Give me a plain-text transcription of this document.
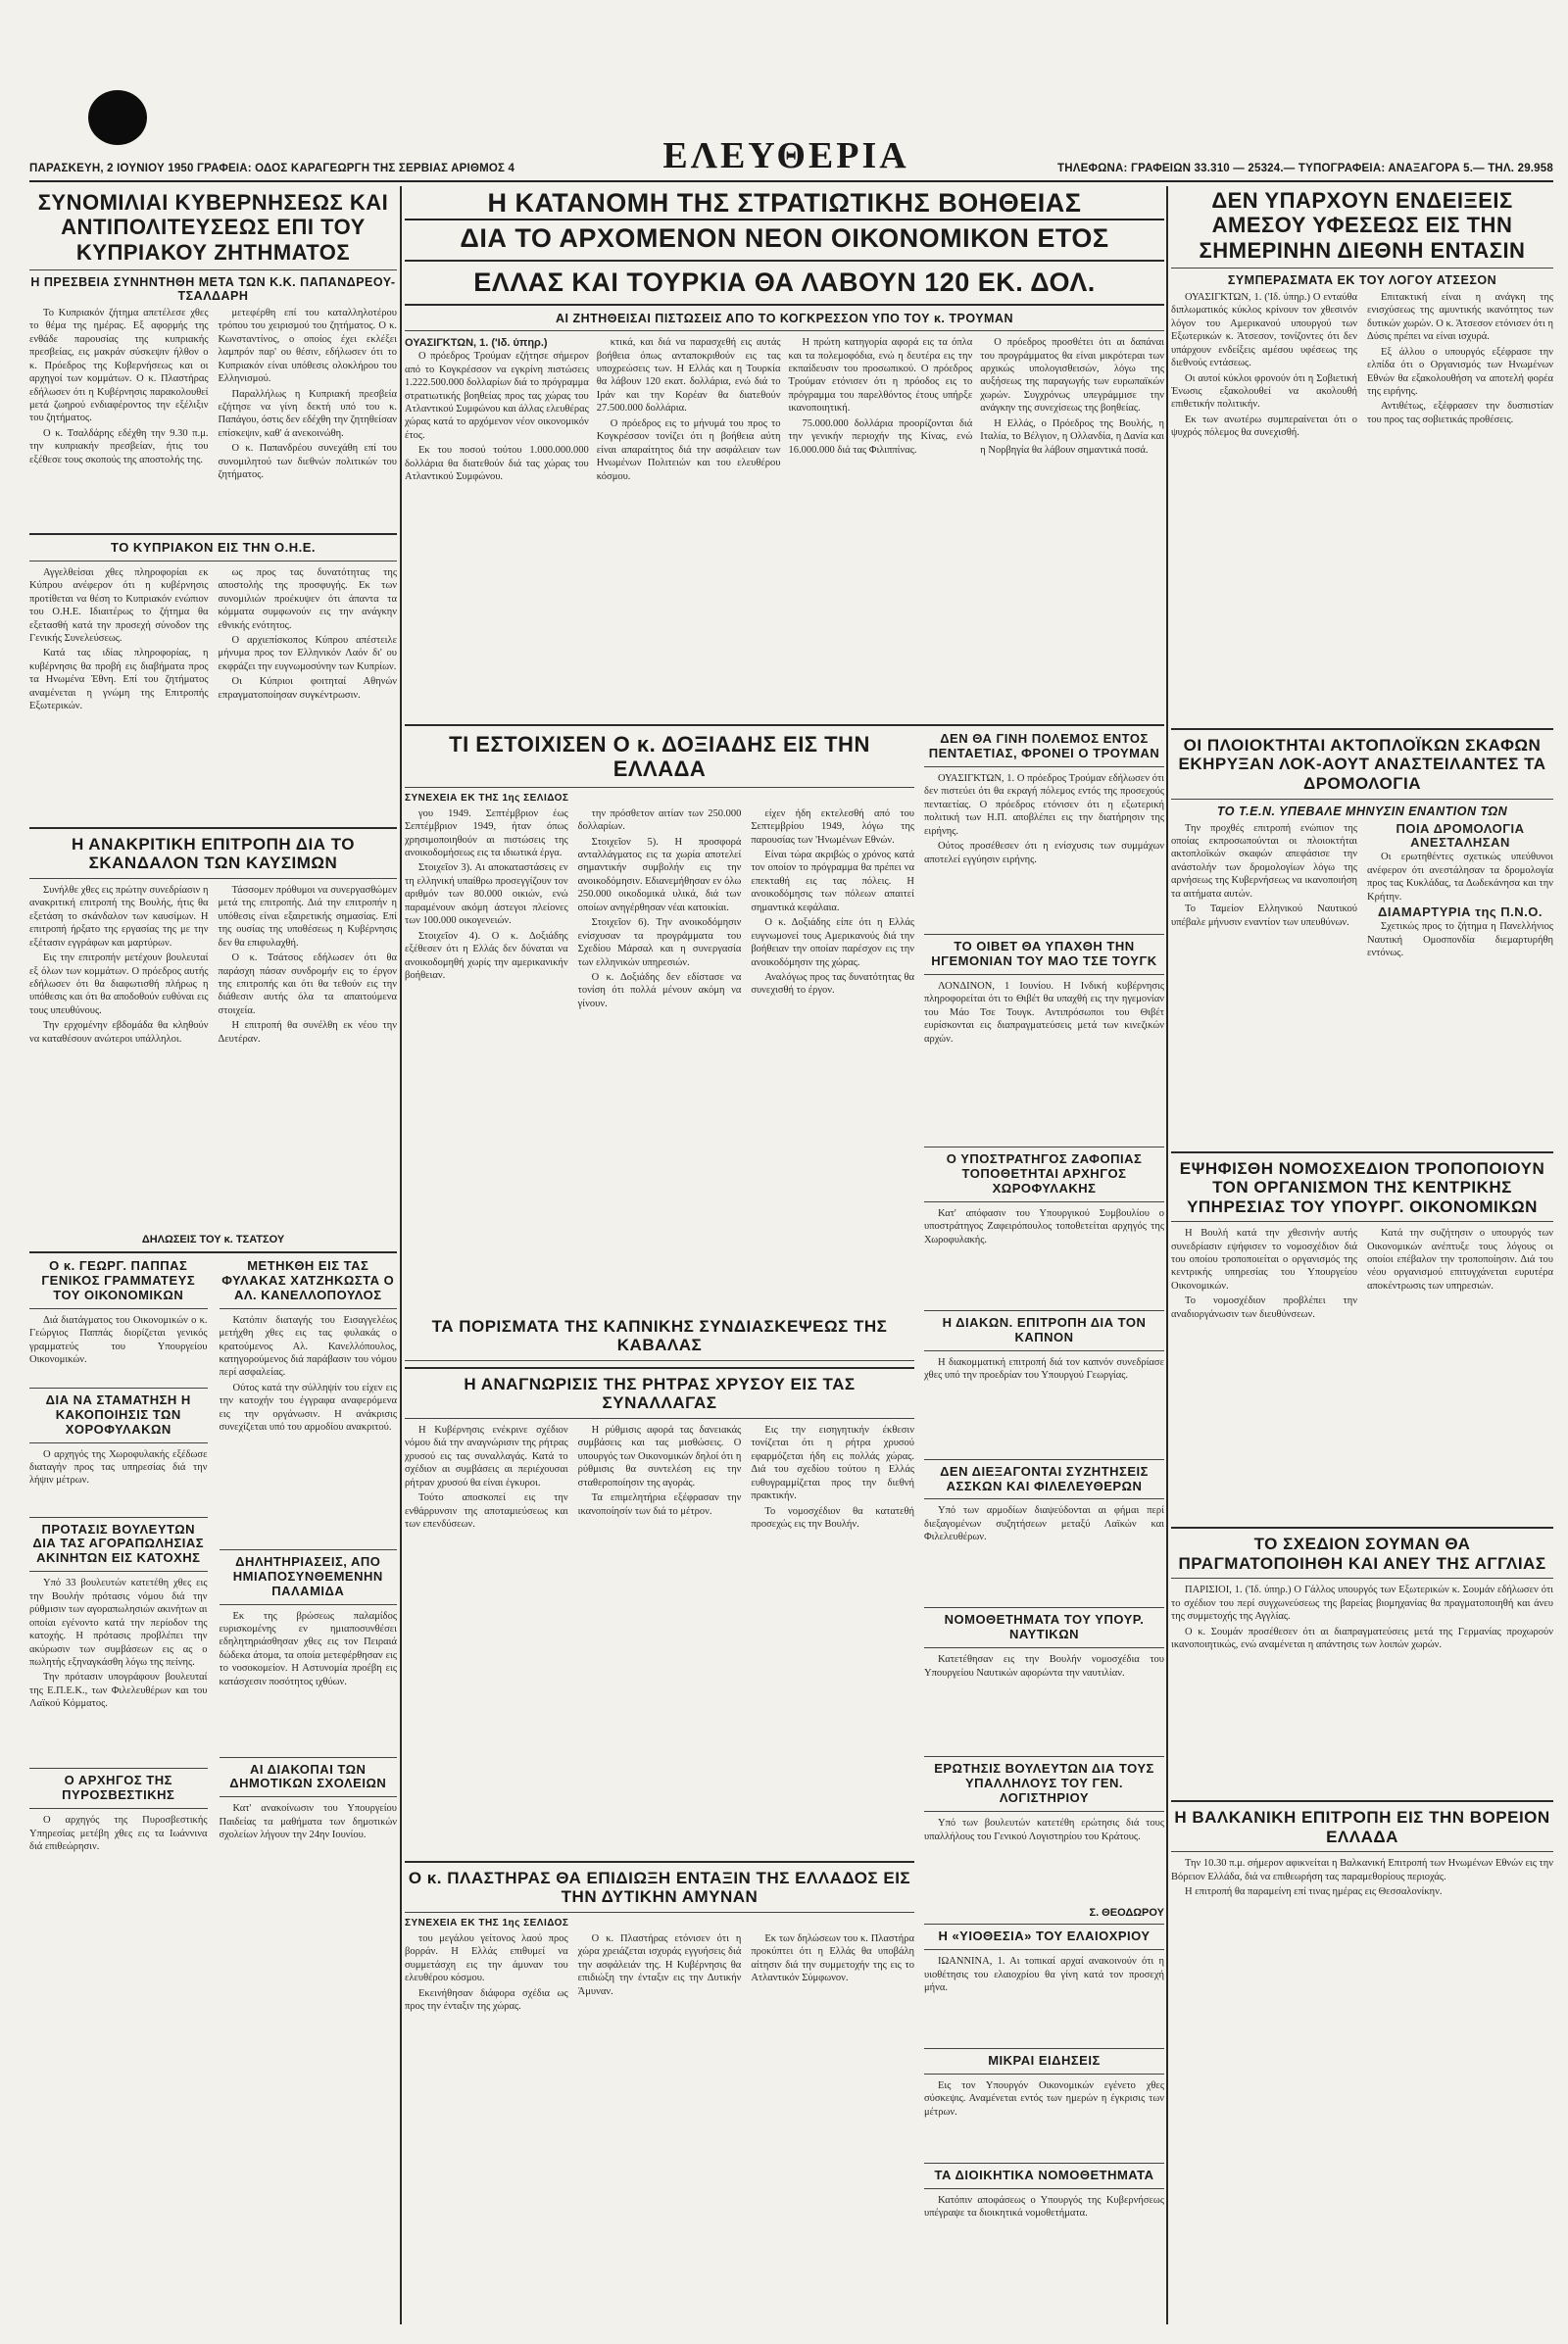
ΠΑΡΑΣΚΕΥΗ, 2 ΙΟΥΝΙΟΥ 1950 ΓΡΑΦΕΙΑ: ΟΔΟΣ ΚΑΡΑΓΕΩΡΓΗ ΤΗΣ ΣΕΡΒΙΑΣ ΑΡΙΘΜΟΣ 4	ΕΛΕΥΘΕΡΙΑ	ΤΗΛΕΦΩΝΑ: ΓΡΑΦΕΙΩΝ 33.310 — 25324.— ΤΥΠΟΓΡΑΦΕΙΑ: ΑΝΑΞΑΓΟΡΑ 5.— ΤΗΛ. 29.958
ΣΥΝΟΜΙΛΙΑΙ ΚΥΒΕΡΝΗΣΕΩΣ ΚΑΙ ΑΝΤΙΠΟΛΙΤΕΥΣΕΩΣ ΕΠΙ ΤΟΥ ΚΥΠΡΙΑΚΟΥ ΖΗΤΗΜΑΤΟΣ
Η ΠΡΕΣΒΕΙΑ ΣΥΝΗΝΤΗΘΗ ΜΕΤΑ ΤΩΝ Κ.Κ. ΠΑΠΑΝΔΡΕΟΥ-ΤΣΑΛΔΑΡΗ

Το Κυπριακόν ζήτημα απετέλεσε χθες το θέμα της ημέρας. Εξ αφορμής της ενθάδε παρουσίας της κυπριακής πρεσβείας, εις μακράν σύσκεψιν ήλθον ο κ. Πρόεδρος της Κυβερνήσεως και οι αρχηγοί των κομμάτων. Ο κ. Πλαστήρας εδήλωσεν ότι η Κυβέρνησις παρακολουθεί μετά ζωηρού ενδιαφέροντος την εξέλιξιν του ζητήματος.

Ο κ. Τσαλδάρης εδέχθη την 9.30 π.μ. την κυπριακήν πρεσβείαν, ήτις του εξέθεσε τους σκοπούς της αποστολής της.

μετεφέρθη επί του καταλληλοτέρου τρόπου του χειρισμού του ζητήματος. Ο κ. Κωνσταντίνος, ο οποίος έχει εκλέξει λαμπρόν παρ' ου θέσιν, εδήλωσεν ότι το Κυπριακόν είναι υπόθεσις ολοκλήρου του Ελληνισμού.

Παραλλήλως η Κυπριακή πρεσβεία εζήτησε να γίνη δεκτή υπό του κ. Παπάγου, όστις δεν εδέχθη την ζητηθείσαν επίσκεψιν, καθ' ά ανεκοινώθη.

Ο κ. Παπανδρέου συνεχάθη επί του συνομιλητού των διεθνών πολιτικών του ζητήματος.

ΤΟ ΚΥΠΡΙΑΚΟΝ ΕΙΣ ΤΗΝ Ο.Η.Ε.

Αγγελθείσαι χθες πληροφορίαι εκ Κύπρου ανέφερον ότι η κυβέρνησις προτίθεται να θέση το Κυπριακόν ενώπιον του Ο.Η.Ε. Ιδιαιτέρως το ζήτημα θα εξετασθή κατά την προσεχή σύνοδον της Γενικής Συνελεύσεως.

Κατά τας ιδίας πληροφορίας, η κυβέρνησις θα προβή εις διαβήματα προς τα Ηνωμένα Έθνη. Επί του ζητήματος αναμένεται η γνώμη της Επιτροπής Εξωτερικών.

ως προς τας δυνατότητας της αποστολής της προσφυγής. Εκ των συνομιλιών προέκυψεν ότι άπαντα τα κόμματα συμφωνούν εις την ανάγκην εθνικής ενότητος.

Ο αρχιεπίσκοπος Κύπρου απέστειλε μήνυμα προς τον Ελληνικόν Λαόν δι' ου εκφράζει την ευγνωμοσύνην των Κυπρίων.

Οι Κύπριοι φοιτηταί Αθηνών επραγματοποίησαν συγκέντρωσιν.

Η ΑΝΑΚΡΙΤΙΚΗ ΕΠΙΤΡΟΠΗ ΔΙΑ ΤΟ ΣΚΑΝΔΑΛΟΝ ΤΩΝ ΚΑΥΣΙΜΩΝ

Συνήλθε χθες εις πρώτην συνεδρίασιν η ανακριτική επιτροπή της Βουλής, ήτις θα εξετάση το σκάνδαλον των καυσίμων. Η επιτροπή ήρξατο της εργασίας της με την εξέτασιν εγγράφων και μαρτύρων.

Εις την επιτροπήν μετέχουν βουλευταί εξ όλων των κομμάτων. Ο πρόεδρος αυτής εδήλωσεν ότι θα διαφωτισθή πλήρως η υπόθεσις και ότι θα αποδοθούν ευθύναι εις τους υπευθύνους.

Την ερχομένην εβδομάδα θα κληθούν να καταθέσουν ανώτεροι υπάλληλοι.

Τάσσομεν πρόθυμοι να συνεργασθώμεν μετά της επιτροπής. Διά την επιτροπήν η υπόθεσις είναι εξαιρετικής σημασίας. Επί της ουσίας της υποθέσεως η Κυβέρνησις δεν θα επιφυλαχθή.

Ο κ. Τσάτσος εδήλωσεν ότι θα παράσχη πάσαν συνδρομήν εις το έργον της επιτροπής και ότι θα τεθούν εις την διάθεσιν αυτής όλα τα απαιτούμενα στοιχεία.

Η επιτροπή θα συνέλθη εκ νέου την Δευτέραν.

ΔΗΛΩΣΕΙΣ ΤΟΥ κ. ΤΣΑΤΣΟΥ
Ο κ. ΓΕΩΡΓ. ΠΑΠΠΑΣ ΓΕΝΙΚΟΣ ΓΡΑΜΜΑΤΕΥΣ ΤΟΥ ΟΙΚΟΝΟΜΙΚΩΝ

Διά διατάγματος του Οικονομικών ο κ. Γεώργιος Παππάς διορίζεται γενικός γραμματεύς του Υπουργείου Οικονομικών.

ΔΙΑ ΝΑ ΣΤΑΜΑΤΗΣΗ Η ΚΑΚΟΠΟΙΗΣΙΣ ΤΩΝ ΧΟΡΟΦΥΛΑΚΩΝ

Ο αρχηγός της Χωροφυλακής εξέδωσε διαταγήν προς τας υπηρεσίας διά την λήψιν μέτρων.

ΠΡΟΤΑΣΙΣ ΒΟΥΛΕΥΤΩΝ ΔΙΑ ΤΑΣ ΑΓΟΡΑΠΩΛΗΣΙΑΣ ΑΚΙΝΗΤΩΝ ΕΙΣ ΚΑΤΟΧΗΣ

Υπό 33 βουλευτών κατετέθη χθες εις την Βουλήν πρότασις νόμου διά την ρύθμισιν των αγοραπωλησιών ακινήτων αι οποίαι εγένοντο κατά την περίοδον της κατοχής. Η πρότασις προβλέπει την ακύρωσιν των συμβάσεων εις ας ο πωλητής εξηναγκάσθη λόγω της πείνης.

Την πρότασιν υπογράφουν βουλευταί της Ε.Π.Ε.Κ., των Φιλελευθέρων και του Λαϊκού Κόμματος.

Ο ΑΡΧΗΓΟΣ ΤΗΣ ΠΥΡΟΣΒΕΣΤΙΚΗΣ

Ο αρχηγός της Πυροσβεστικής Υπηρεσίας μετέβη χθες εις τα Ιωάννινα διά επιθεώρησιν.

ΜΕΤΗΚΘΗ ΕΙΣ ΤΑΣ ΦΥΛΑΚΑΣ ΧΑΤΖΗΚΩΣΤΑ Ο ΑΛ. ΚΑΝΕΛΛΟΠΟΥΛΟΣ

Κατόπιν διαταγής του Εισαγγελέως μετήχθη χθες εις τας φυλακάς ο κρατούμενος Αλ. Κανελλόπουλος, κατηγορούμενος διά παράβασιν του νόμου περί ασφαλείας.

Ούτος κατά την σύλληψίν του είχεν εις την κατοχήν του έγγραφα αναφερόμενα εις την οργάνωσιν. Η ανάκρισις συνεχίζεται υπό του αρμοδίου ανακριτού.

ΔΗΛΗΤΗΡΙΑΣΕΙΣ, ΑΠΟ ΗΜΙΑΠΟΣΥΝΘΕΜΕΝΗΝ ΠΑΛΑΜΙΔΑ

Εκ της βρώσεως παλαμίδος ευρισκομένης εν ημιαποσυνθέσει εδηλητηριάσθησαν χθες εις τον Πειραιά δώδεκα άτομα, τα οποία μετεφέρθησαν εις το νοσοκομείον. Η Αστυνομία προέβη εις κατάσχεσιν ποσότητος ιχθύων.

ΑΙ ΔΙΑΚΟΠΑΙ ΤΩΝ ΔΗΜΟΤΙΚΩΝ ΣΧΟΛΕΙΩΝ

Κατ' ανακοίνωσιν του Υπουργείου Παιδείας τα μαθήματα των δημοτικών σχολείων λήγουν την 24ην Ιουνίου.

Η ΚΑΤΑΝΟΜΗ ΤΗΣ ΣΤΡΑΤΙΩΤΙΚΗΣ ΒΟΗΘΕΙΑΣ
ΔΙΑ ΤΟ ΑΡΧΟΜΕΝΟΝ ΝΕΟΝ ΟΙΚΟΝΟΜΙΚΟΝ ΕΤΟΣ
ΕΛΛΑΣ ΚΑΙ ΤΟΥΡΚΙΑ ΘΑ ΛΑΒΟΥΝ 120 ΕΚ. ΔΟΛ.
ΑΙ ΖΗΤΗΘΕΙΣΑΙ ΠΙΣΤΩΣΕΙΣ ΑΠΟ ΤΟ ΚΟΓΚΡΕΣΣΟΝ ΥΠΟ ΤΟΥ κ. ΤΡΟΥΜΑΝ
ΟΥΑΣΙΓΚΤΩΝ, 1. ('Ιδ. ύπηρ.)

Ο πρόεδρος Τρούμαν εζήτησε σήμερον από το Κογκρέσσον να εγκρίνη πιστώσεις 1.222.500.000 δολλαρίων διά το πρόγραμμα στρατιωτικής βοηθείας προς τας χώρας του Ατλαντικού Συμφώνου και άλλας ελευθέρας χώρας κατά το αρχόμενον νέον οικονομικόν έτος.

Εκ του ποσού τούτου 1.000.000.000 δολλάρια θα διατεθούν διά τας χώρας του Ατλαντικού Συμφώνου.

κτικά, και διά να παρασχεθή εις αυτάς βοήθεια όπως ανταποκριθούν εις τας υποχρεώσεις των. Η Ελλάς και η Τουρκία θα λάβουν 120 εκατ. δολλάρια, ενώ διά το Ιράν και την Κορέαν θα διατεθούν 27.500.000 δολλάρια.

Ο πρόεδρος εις το μήνυμά του προς το Κογκρέσσον τονίζει ότι η βοήθεια αύτη είναι απαραίτητος διά την ασφάλειαν των Ηνωμένων Πολιτειών και του ελευθέρου κόσμου.

Η πρώτη κατηγορία αφορά εις τα όπλα και τα πολεμοφόδια, ενώ η δευτέρα εις την εκπαίδευσιν του προσωπικού. Ο πρόεδρος Τρούμαν ετόνισεν ότι η πρόοδος εις το πρόγραμμα του παρελθόντος έτους υπήρξε ικανοποιητική.

75.000.000 δολλάρια προορίζονται διά την γενικήν περιοχήν της Κίνας, ενώ 16.000.000 διά τας Φιλιππίνας.

Ο πρόεδρος προσθέτει ότι αι δαπάναι του προγράμματος θα είναι μικρότεραι των αρχικώς υπολογισθεισών, λόγω της αυξήσεως της παραγωγής των ευρωπαϊκών χωρών. Συγχρόνως υπεγράμμισε την ανάγκην της συνεχίσεως της βοηθείας.

Η Ελλάς, ο Πρόεδρος της Βουλής, η Ιταλία, το Βέλγιον, η Ολλανδία, η Δανία και η Νορβηγία θα λάβουν σημαντικά ποσά.

ΤΙ ΕΣΤΟΙΧΙΣΕΝ Ο κ. ΔΟΞΙΑΔΗΣ ΕΙΣ ΤΗΝ ΕΛΛΑΔΑ
ΣΥΝΕΧΕΙΑ ΕΚ ΤΗΣ 1ης ΣΕΛΙΔΟΣ

γου 1949. Σεπτέμβριον έως Σεπτέμβριον 1949, ήταν όπως χρησιμοποιηθούν αι πιστώσεις της ανοικοδομήσεως εις τα ιδιωτικά έργα.

Στοιχεῖον 3). Αι αποκαταστάσεις εν τη ελληνική υπαίθρω προσεγγίζουν τον αριθμόν των 80.000 οικιών, ενώ παραμένουν ακόμη άστεγοι πλείονες των 100.000 οικογενειών.

Στοιχεῖον 4). Ο κ. Δοξιάδης εξέθεσεν ότι η Ελλάς δεν δύναται να ανοικοδομηθή χωρίς την αμερικανικήν βοήθειαν.

την πρόσθετον αιτίαν των 250.000 δολλαρίων.

Στοιχεῖον 5). Η προσφορά ανταλλάγματος εις τα χωρία αποτελεί σημαντικήν συμβολήν εις την ανοικοδόμησιν. Εδιανεμήθησαν εν όλω 250.000 οικοδομικά υλικά, διά των οποίων ανηγέρθησαν νέαι κατοικίαι.

Στοιχεῖον 6). Την ανοικοδόμησιν ενίσχυσαν τα προγράμματα του Σχεδίου Μάρσαλ και η συνεργασία των ελληνικών υπηρεσιών.

Ο κ. Δοξιάδης δεν εδίστασε να τονίση ότι πολλά μένουν ακόμη να γίνουν.

είχεν ήδη εκτελεσθή από του Σεπτεμβρίου 1949, λόγω της παρουσίας των 'Ηνωμένων Εθνών.

Είναι τώρα ακριβώς ο χρόνος κατά τον οποίον το πρόγραμμα θα πρέπει να επεκταθή εις τας πόλεις. Η ανοικοδόμησις των πόλεων απαιτεί σημαντικά κεφάλαια.

Ο κ. Δοξιάδης είπε ότι η Ελλάς ευγνωμονεί τους Αμερικανούς διά την βοήθειαν την οποίαν παρέσχον εις την ανοικοδόμησιν της χώρας.

Αναλόγως προς τας δυνατότητας θα συνεχισθή το έργον.

ΤΑ ΠΟΡΙΣΜΑΤΑ ΤΗΣ ΚΑΠΝΙΚΗΣ ΣΥΝΔΙΑΣΚΕΨΕΩΣ ΤΗΣ ΚΑΒΑΛΑΣ
Η ΑΝΑΓΝΩΡΙΣΙΣ ΤΗΣ ΡΗΤΡΑΣ ΧΡΥΣΟΥ ΕΙΣ ΤΑΣ ΣΥΝΑΛΛΑΓΑΣ

Η Κυβέρνησις ενέκρινε σχέδιον νόμου διά την αναγνώρισιν της ρήτρας χρυσού εις τας συναλλαγάς. Κατά το σχέδιον αι συμβάσεις αι περιέχουσαι ρήτραν χρυσού θα είναι έγκυροι.

Τούτο αποσκοπεί εις την ενθάρρυνσιν της αποταμιεύσεως και των επενδύσεων.

Η ρύθμισις αφορά τας δανειακάς συμβάσεις και τας μισθώσεις. Ο υπουργός των Οικονομικών δηλοί ότι η ρύθμισις θα συντελέση εις την σταθεροποίησιν της αγοράς.

Τα επιμελητήρια εξέφρασαν την ικανοποίησίν των διά το μέτρον.

Εις την εισηγητικήν έκθεσιν τονίζεται ότι η ρήτρα χρυσού εφαρμόζεται ήδη εις πολλάς χώρας. Διά του σχεδίου τούτου η Ελλάς ευθυγραμμίζεται προς την διεθνή πρακτικήν.

Το νομοσχέδιον θα κατατεθή προσεχώς εις την Βουλήν.

Ο κ. ΠΛΑΣΤΗΡΑΣ ΘΑ ΕΠΙΔΙΩΞΗ ΕΝΤΑΞΙΝ ΤΗΣ ΕΛΛΑΔΟΣ ΕΙΣ ΤΗΝ ΔΥΤΙΚΗΝ ΑΜΥΝΑΝ
ΣΥΝΕΧΕΙΑ ΕΚ ΤΗΣ 1ης ΣΕΛΙΔΟΣ

του μεγάλου γείτονος λαού προς βορράν. Η Ελλάς επιθυμεί να συμμετάσχη εις την άμυναν του ελευθέρου κόσμου.

Εκεινήθησαν διάφορα σχέδια ως προς την ένταξιν της χώρας.

Ο κ. Πλαστήρας ετόνισεν ότι η χώρα χρειάζεται ισχυράς εγγυήσεις διά την ασφάλειάν της. Η Κυβέρνησις θα επιδιώξη την ένταξιν εις την Δυτικήν Άμυναν.

Εκ των δηλώσεων του κ. Πλαστήρα προκύπτει ότι η Ελλάς θα υποβάλη αίτησιν διά την συμμετοχήν της εις το Ατλαντικόν Σύμφωνον.

ΔΕΝ ΘΑ ΓΙΝΗ ΠΟΛΕΜΟΣ ΕΝΤΟΣ ΠΕΝΤΑΕΤΙΑΣ, ΦΡΟΝΕΙ Ο ΤΡΟΥΜΑΝ

ΟΥΑΣΙΓΚΤΩΝ, 1. Ο πρόεδρος Τρούμαν εδήλωσεν ότι δεν πιστεύει ότι θα εκραγή πόλεμος εντός της προσεχούς πενταετίας. Ο πρόεδρος ετόνισεν ότι η εξωτερική πολιτική των Η.Π. αποβλέπει εις την διατήρησιν της ειρήνης.

Ούτος προσέθεσεν ότι η ενίσχυσις των συμμάχων αποτελεί εγγύησιν ειρήνης.

ΤΟ ΟΙΒΕΤ ΘΑ ΥΠΑΧΘΗ ΤΗΝ ΗΓΕΜΟΝΙΑΝ ΤΟΥ ΜΑΟ ΤΣΕ ΤΟΥΓΚ

ΛΟΝΔΙΝΟΝ, 1 Ιουνίου. Η Ινδική κυβέρνησις πληροφορείται ότι το Θιβέτ θα υπαχθή εις την ηγεμονίαν του Μάο Τσε Τουγκ. Αντιπρόσωποι του Θιβέτ ευρίσκονται εις διαπραγματεύσεις μετά των κινεζικών αρχών.

Ο ΥΠΟΣΤΡΑΤΗΓΟΣ ΖΑΦΟΠΙΑΣ ΤΟΠΟΘΕΤΗΤΑΙ ΑΡΧΗΓΟΣ ΧΩΡΟΦΥΛΑΚΗΣ

Κατ' απόφασιν του Υπουργικού Συμβουλίου ο υποστράτηγος Ζαφειρόπουλος τοποθετείται αρχηγός της Χωροφυλακής.

Η ΔΙΑΚΩΝ. ΕΠΙΤΡΟΠΗ ΔΙΑ ΤΟΝ ΚΑΠΝΟΝ

Η διακομματική επιτροπή διά τον καπνόν συνεδρίασε χθες υπό την προεδρίαν του Υπουργού Γεωργίας.

ΔΕΝ ΔΙΕΞΑΓΟΝΤΑΙ ΣΥΖΗΤΗΣΕΙΣ ΑΣΣΚΩΝ ΚΑΙ ΦΙΛΕΛΕΥΘΕΡΩΝ

Υπό των αρμοδίων διαψεύδονται αι φήμαι περί διεξαγομένων συζητήσεων μεταξύ Λαϊκών και Φιλελευθέρων.

ΝΟΜΟΘΕΤΗΜΑΤΑ ΤΟΥ ΥΠΟΥΡ. ΝΑΥΤΙΚΩΝ

Κατετέθησαν εις την Βουλήν νομοσχέδια του Υπουργείου Ναυτικών αφορώντα την ναυτιλίαν.

ΕΡΩΤΗΣΙΣ ΒΟΥΛΕΥΤΩΝ ΔΙΑ ΤΟΥΣ ΥΠΑΛΛΗΛΟΥΣ ΤΟΥ ΓΕΝ. ΛΟΓΙΣΤΗΡΙΟΥ

Υπό των βουλευτών κατετέθη ερώτησις διά τους υπαλλήλους του Γενικού Λογιστηρίου του Κράτους.

Σ. ΘΕΟΔΩΡΟΥ
Η «ΥΙΟΘΕΣΙΑ» ΤΟΥ ΕΛΑΙΟΧΡΙΟΥ

ΙΩΑΝΝΙΝΑ, 1. Αι τοπικαί αρχαί ανακοινούν ότι η υιοθέτησις του ελαιοχρίου θα γίνη κατά τον προσεχή μήνα.

ΜΙΚΡΑΙ ΕΙΔΗΣΕΙΣ

Εις τον Υπουργόν Οικονομικών εγένετο χθες σύσκεψις. Αναμένεται εντός των ημερών η έγκρισις των μέτρων.

ΤΑ ΔΙΟΙΚΗΤΙΚΑ ΝΟΜΟΘΕΤΗΜΑΤΑ

Κατόπιν αποφάσεως ο Υπουργός της Κυβερνήσεως υπέγραψε τα διοικητικά νομοθετήματα.

ΔΕΝ ΥΠΑΡΧΟΥΝ ΕΝΔΕΙΞΕΙΣ ΑΜΕΣΟΥ ΥΦΕΣΕΩΣ ΕΙΣ ΤΗΝ ΣΗΜΕΡΙΝΗΝ ΔΙΕΘΝΗ ΕΝΤΑΣΙΝ
ΣΥΜΠΕΡΑΣΜΑΤΑ ΕΚ ΤΟΥ ΛΟΓΟΥ ΑΤΣΕΣΟΝ

ΟΥΑΣΙΓΚΤΩΝ, 1. ('Ιδ. ύπηρ.) Ο ενταύθα διπλωματικός κύκλος κρίνουν τον χθεσινόν λόγον του Αμερικανού υπουργού των Εξωτερικών κ. Άτσεσον, τονίζοντες ότι δεν υπάρχουν ενδείξεις αμέσου υφέσεως της διεθνούς εντάσεως.

Οι αυτοί κύκλοι φρονούν ότι η Σοβιετική Ένωσις εξακολουθεί να ακολουθή επιθετικήν πολιτικήν.

Εκ των ανωτέρω συμπεραίνεται ότι ο ψυχρός πόλεμος θα συνεχισθή.

Επιτακτική είναι η ανάγκη της ενισχύσεως της αμυντικής ικανότητος των δυτικών χωρών. Ο κ. Άτσεσον ετόνισεν ότι η Δύσις πρέπει να είναι ισχυρά.

Εξ άλλου ο υπουργός εξέφρασε την ελπίδα ότι ο Οργανισμός των Ηνωμένων Εθνών θα εξακολουθήση να αποτελή φορέα της ειρήνης.

Αντιθέτως, εξέφρασεν την δυσπιστίαν του προς τας σοβιετικάς προθέσεις.

ΟΙ ΠΛΟΙΟΚΤΗΤΑΙ ΑΚΤΟΠΛΟΪΚΩΝ ΣΚΑΦΩΝ ΕΚΗΡΥΞΑΝ ΛΟΚ-ΑΟΥΤ ΑΝΑΣΤΕΙΛΑΝΤΕΣ ΤΑ ΔΡΟΜΟΛΟΓΙΑ
ΤΟ Τ.Ε.Ν. ΥΠΕΒΑΛΕ ΜΗΝΥΣΙΝ ΕΝΑΝΤΙΟΝ ΤΩΝ

Την προχθές επιτροπή ενώπιον της οποίας εκπροσωπούνται οι πλοιοκτήται ακτοπλοϊκών σκαφών απεφάσισε την ανάστολήν των δρομολογίων λόγω της αρνήσεως της Κυβερνήσεως να ικανοποιήση τα αιτήματα αυτών.

Το Ταμείον Ελληνικού Ναυτικού υπέβαλε μήνυσιν εναντίον των υπευθύνων.

ΠΟΙΑ ΔΡΟΜΟΛΟΓΙΑ ΑΝΕΣΤΑΛΗΣΑΝ

Οι ερωτηθέντες σχετικώς υπεύθυνοι ανέφερον ότι ανεστάλησαν τα δρομολογία προς τας Κυκλάδας, τα Δωδεκάνησα και την Κρήτην.

ΔΙΑΜΑΡΤΥΡΙΑ της Π.Ν.Ο.

Σχετικώς προς το ζήτημα η Πανελλήνιος Ναυτική Ομοσπονδία διεμαρτυρήθη εντόνως.

ΕΨΗΦΙΣΘΗ ΝΟΜΟΣΧΕΔΙΟΝ ΤΡΟΠΟΠΟΙΟΥΝ ΤΟΝ ΟΡΓΑΝΙΣΜΟΝ ΤΗΣ ΚΕΝΤΡΙΚΗΣ ΥΠΗΡΕΣΙΑΣ ΤΟΥ ΥΠΟΥΡΓ. ΟΙΚΟΝΟΜΙΚΩΝ

Η Βουλή κατά την χθεσινήν αυτής συνεδρίασιν εψήφισεν το νομοσχέδιον διά του οποίου τροποποιείται ο οργανισμός της κεντρικής υπηρεσίας του Υπουργείου Οικονομικών.

Το νομοσχέδιον προβλέπει την αναδιοργάνωσιν των διευθύνσεων.

Κατά την συζήτησιν ο υπουργός των Οικονομικών ανέπτυξε τους λόγους οι οποίοι επέβαλον την τροποποίησιν. Διά του νέου οργανισμού επιτυγχάνεται ευρυτέρα αποκέντρωσις των υπηρεσιών.

ΤΟ ΣΧΕΔΙΟΝ ΣΟΥΜΑΝ ΘΑ ΠΡΑΓΜΑΤΟΠΟΙΗΘΗ ΚΑΙ ΑΝΕΥ ΤΗΣ ΑΓΓΛΙΑΣ

ΠΑΡΙΣΙΟΙ, 1. ('Ιδ. ύπηρ.) Ο Γάλλος υπουργός των Εξωτερικών κ. Σουμάν εδήλωσεν ότι το σχέδιον του περί συγχωνεύσεως της βαρείας βιομηχανίας θα πραγματοποιηθή και άνευ της συμμετοχής της Αγγλίας.

Ο κ. Σουμάν προσέθεσεν ότι αι διαπραγματεύσεις μετά της Γερμανίας προχωρούν ικανοποιητικώς, ενώ αναμένεται η απάντησις των λοιπών χωρών.

Η ΒΑΛΚΑΝΙΚΗ ΕΠΙΤΡΟΠΗ ΕΙΣ ΤΗΝ ΒΟΡΕΙΟΝ ΕΛΛΑΔΑ

Την 10.30 π.μ. σήμερον αφικνείται η Βαλκανική Επιτροπή των Ηνωμένων Εθνών εις την Βόρειον Ελλάδα, διά να επιθεωρήση τας παραμεθορίους περιοχάς.

Η επιτροπή θα παραμείνη επί τινας ημέρας εις Θεσσαλονίκην.
